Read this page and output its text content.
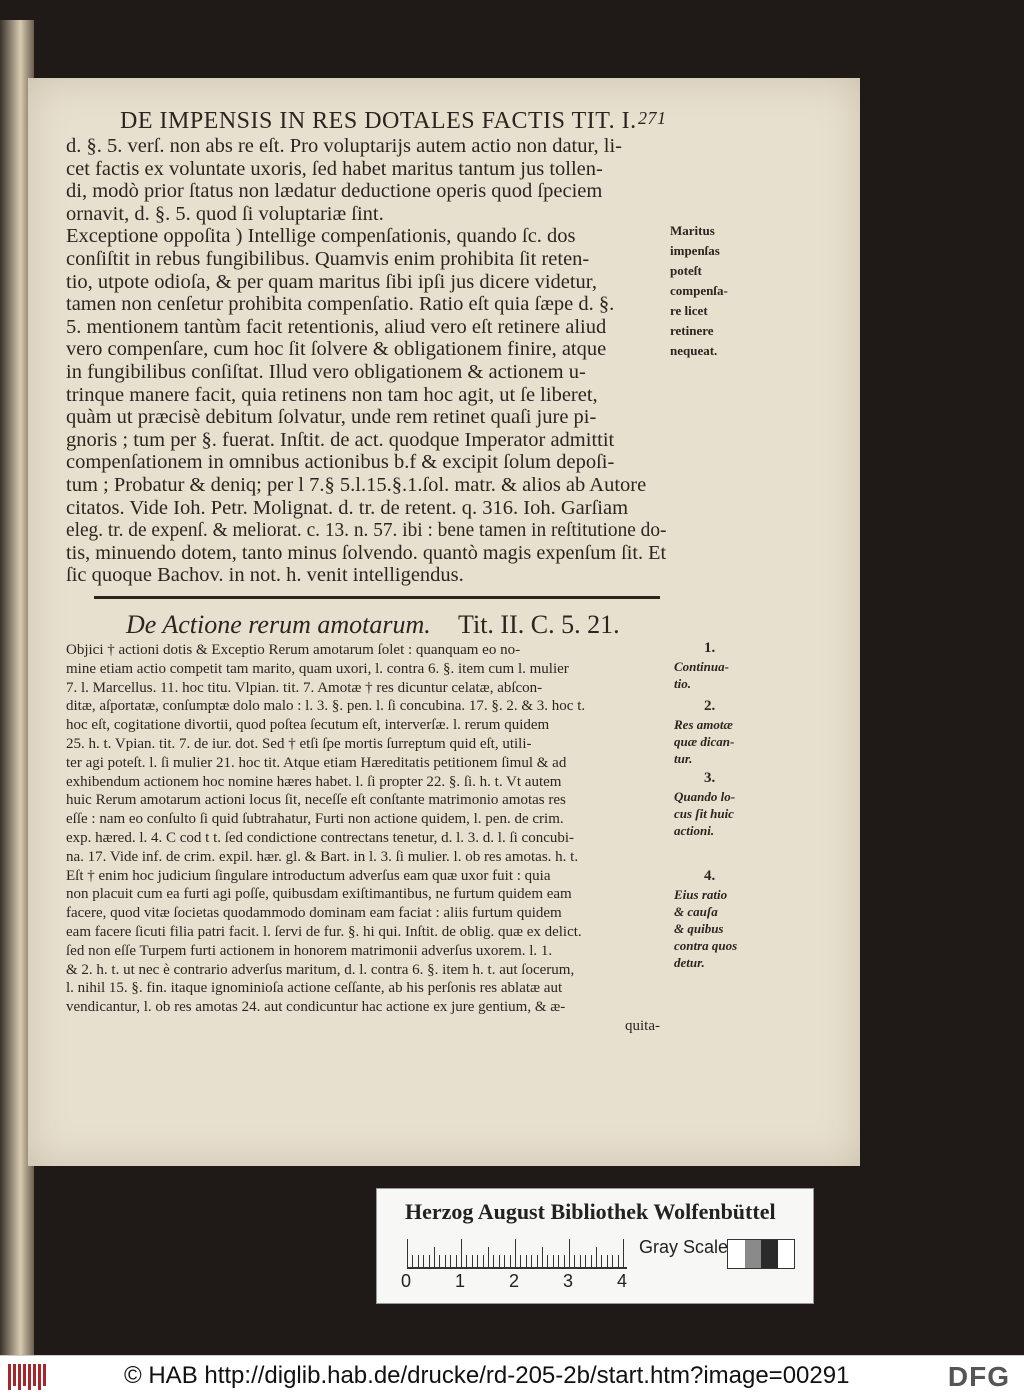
DE IMPENSIS IN RES DOTALES FACTIS TIT. I. 271
d. §. 5. verſ. non abs re eſt. Pro voluptarijs autem actio non datur, li-
cet factis ex voluntate uxoris, ſed habet maritus tantum jus tollen-
di, modò prior ſtatus non lædatur deductione operis quod ſpeciem
ornavit, d. §. 5. quod ſi voluptariæ ſint.
Exceptione oppoſita ) Intellige compenſationis, quando ſc. dos
conſiſtit in rebus fungibilibus. Quamvis enim prohibita ſit reten-
tio, utpote odioſa, & per quam maritus ſibi ipſi jus dicere videtur,
tamen non cenſetur prohibita compenſatio. Ratio eſt quia ſæpe d. §.
5. mentionem tantùm facit retentionis, aliud vero eſt retinere aliud
vero compenſare, cum hoc ſit ſolvere & obligationem finire, atque
in fungibilibus conſiſtat. Illud vero obligationem & actionem u-
trinque manere facit, quia retinens non tam hoc agit, ut ſe liberet,
quàm ut præcisè debitum ſolvatur, unde rem retinet quaſi jure pi-
gnoris ; tum per §. fuerat. Inſtit. de act. quodque Imperator admittit
compenſationem in omnibus actionibus b.f & excipit ſolum depoſi-
tum ; Probatur & deniq; per l 7.§ 5.l.15.§.1.ſol. matr. & alios ab Autore
citatos. Vide Ioh. Petr. Molignat. d. tr. de retent. q. 316. Ioh. Garſiam
eleg. tr. de expenſ. & meliorat. c. 13. n. 57. ibi : bene tamen in reſtitutione do-
tis, minuendo dotem, tanto minus ſolvendo. quantò magis expenſum ſit. Et
ſic quoque Bachov. in not. h. venit intelligendus.
Maritus
impenſas
poteſt
compenſa-
re licet
retinere
nequeat.
De Actione rerum amotarum. Tit. II. C. 5. 21.
Objici † actioni dotis & Exceptio Rerum amotarum ſolet : quanquam eo no-
mine etiam actio competit tam marito, quam uxori, l. contra 6. §. item cum l. mulier
7. l. Marcellus. 11. hoc titu. Vlpian. tit. 7. Amotæ † res dicuntur celatæ, abſcon-
ditæ, aſportatæ, conſumptæ dolo malo : l. 3. §. pen. l. ſi concubina. 17. §. 2. & 3. hoc t.
hoc eſt, cogitatione divortii, quod poſtea ſecutum eſt, interverſæ. l. rerum quidem
25. h. t. Vpian. tit. 7. de iur. dot. Sed † etſi ſpe mortis ſurreptum quid eſt, utili-
ter agi poteſt. l. ſi mulier 21. hoc tit. Atque etiam Hæreditatis petitionem ſimul & ad
exhibendum actionem hoc nomine hæres habet. l. ſi propter 22. §. ſi. h. t. Vt autem
huic Rerum amotarum actioni locus ſit, neceſſe eſt conſtante matrimonio amotas res
eſſe : nam eo conſulto ſi quid ſubtrahatur, Furti non actione quidem, l. pen. de crim.
exp. hæred. l. 4. C cod t t. ſed condictione contrectans tenetur, d. l. 3. d. l. ſi concubi-
na. 17. Vide inf. de crim. expil. hær. gl. & Bart. in l. 3. ſi mulier. l. ob res amotas. h. t.
Eſt † enim hoc judicium ſingulare introductum adverſus eam quæ uxor fuit : quia
non placuit cum ea furti agi poſſe, quibusdam exiſtimantibus, ne furtum quidem eam
facere, quod vitæ ſocietas quodammodo dominam eam faciat : aliis furtum quidem
eam facere ſicuti filia patri facit. l. ſervi de fur. §. hi qui. Inſtit. de oblig. quæ ex delict.
ſed non eſſe Turpem furti actionem in honorem matrimonii adverſus uxorem. l. 1.
& 2. h. t. ut nec è contrario adverſus maritum, d. l. contra 6. §. item h. t. aut ſocerum,
l. nihil 15. §. fin. itaque ignominioſa actione ceſſante, ab his perſonis res ablatæ aut
vendicantur, l. ob res amotas 24. aut condicuntur hac actione ex jure gentium, & æ-
quita-
1.
Continua-
tio.
2.
Res amotæ
quæ dican-
tur.
3.
Quando lo-
cus ſit huic
actioni.
4.
Eius ratio
& cauſa
& quibus
contra quos
detur.
Herzog August Bibliothek Wolfenbüttel
0 1 2 3 4
Gray Scale
© HAB http://diglib.hab.de/drucke/rd-205-2b/start.htm?image=00291	DFG
